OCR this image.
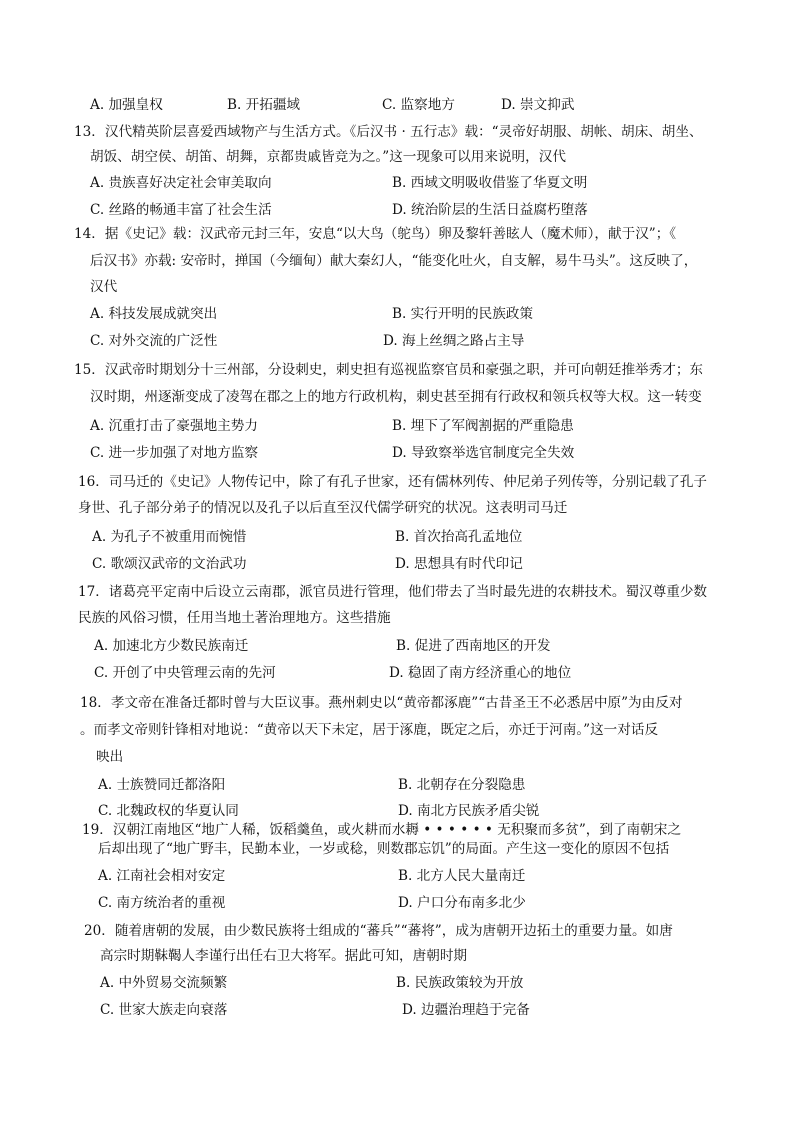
A. 加强皇权	B. 开拓疆域	C. 监察地方	D. 崇文抑武
13．汉代精英阶层喜爱西域物产与生活方式。《后汉书 · 五行志》载：“灵帝好胡服、胡帐、胡床、胡坐、
胡饭、胡空侯、胡笛、胡舞，京都贵戚皆竞为之。”这一现象可以用来说明，汉代
A. 贵族喜好决定社会审美取向	B. 西域文明吸收借鉴了华夏文明
C. 丝路的畅通丰富了社会生活	D. 统治阶层的生活日益腐朽堕落
14．据《史记》载：汉武帝元封三年，安息“以大鸟（鸵鸟）卵及黎轩善眩人（魔术师），献于汉”；《
后汉书》亦载: 安帝时，掸国（今缅甸）献大秦幻人，“能变化吐火，自支解，易牛马头”。这反映了，
汉代
A. 科技发展成就突出	B. 实行开明的民族政策
C. 对外交流的广泛性	D. 海上丝绸之路占主导
15．汉武帝时期划分十三州部，分设刺史，刺史担有巡视监察官员和豪强之职，并可向朝廷推举秀才；东
汉时期，州逐渐变成了凌驾在郡之上的地方行政机构，刺史甚至拥有行政权和领兵权等大权。这一转变
A. 沉重打击了豪强地主势力	B. 埋下了军阀割据的严重隐患
C. 进一步加强了对地方监察	D. 导致察举选官制度完全失效
16．司马迁的《史记》人物传记中，除了有孔子世家，还有儒林列传、仲尼弟子列传等，分别记载了孔子
身世、孔子部分弟子的情况以及孔子以后直至汉代儒学研究的状况。这表明司马迁
A. 为孔子不被重用而惋惜	B. 首次抬高孔孟地位
C. 歌颂汉武帝的文治武功	D. 思想具有时代印记
17．诸葛亮平定南中后设立云南郡，派官员进行管理，他们带去了当时最先进的农耕技术。蜀汉尊重少数
民族的风俗习惯，任用当地土著治理地方。这些措施
A. 加速北方少数民族南迁	B. 促进了西南地区的开发
C. 开创了中央管理云南的先河	D. 稳固了南方经济重心的地位
18．孝文帝在准备迁都时曾与大臣议事。燕州刺史以“黄帝都涿鹿”“古昔圣王不必悉居中原”为由反对
。而孝文帝则针锋相对地说：“黄帝以天下未定，居于涿鹿，既定之后，亦迁于河南。”这一对话反
映出
A. 士族赞同迁都洛阳	B. 北朝存在分裂隐患
C. 北魏政权的华夏认同	D. 南北方民族矛盾尖锐
19．汉朝江南地区“地广人稀，饭稻羹鱼，或火耕而水耨 • • • • • • 无积聚而多贫”，到了南朝宋之
后却出现了“地广野丰，民勤本业，一岁或稔，则数郡忘饥”的局面。产生这一变化的原因不包括
A. 江南社会相对安定	B. 北方人民大量南迁
C. 南方统治者的重视	D. 户口分布南多北少
20．随着唐朝的发展，由少数民族将士组成的“蕃兵”“蕃将”，成为唐朝开边拓土的重要力量。如唐
高宗时期靺鞨人李谨行出任右卫大将军。据此可知，唐朝时期
A. 中外贸易交流频繁	B. 民族政策较为开放
C. 世家大族走向衰落	D. 边疆治理趋于完备
